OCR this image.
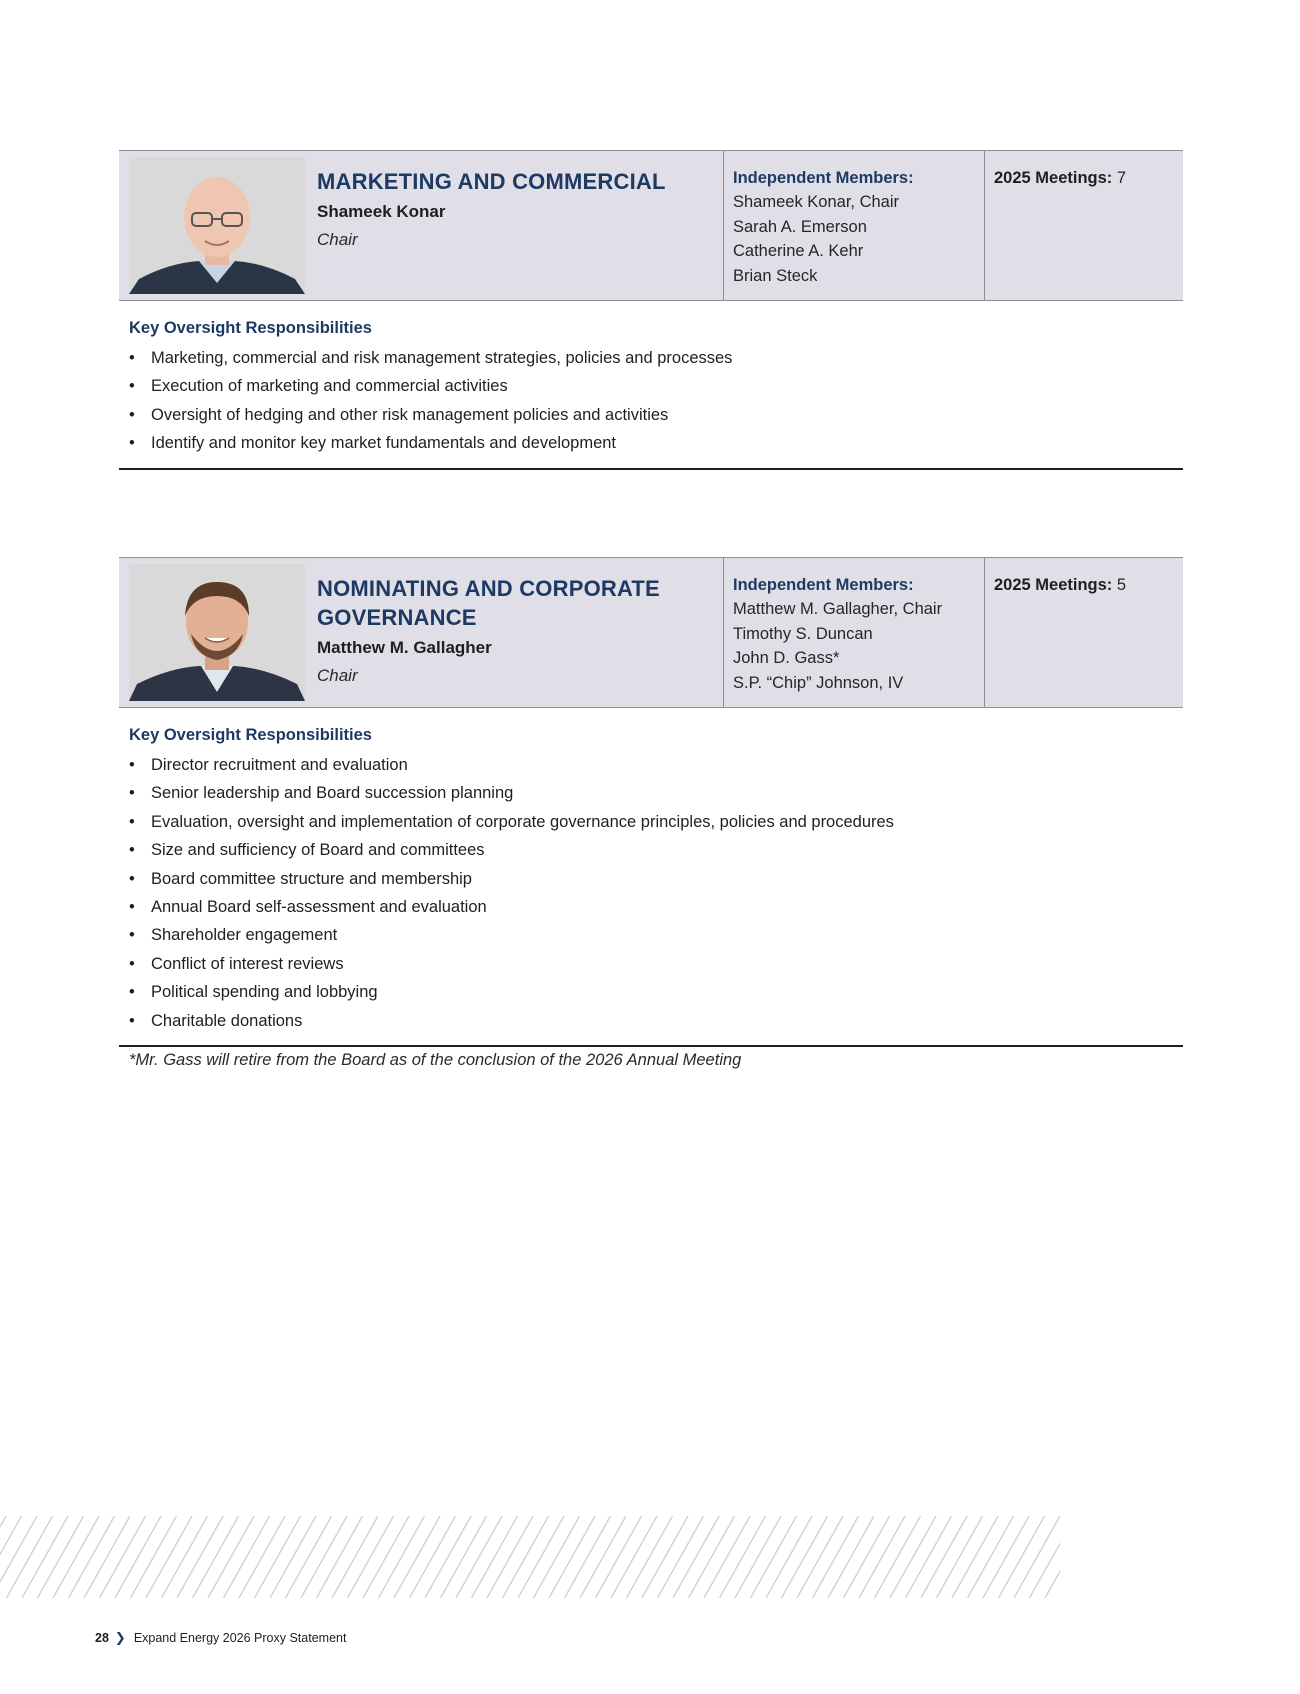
MARKETING AND COMMERCIAL
Shameek Konar
Chair
Independent Members:
Shameek Konar, Chair
Sarah A. Emerson
Catherine A. Kehr
Brian Steck
2025 Meetings: 7
Key Oversight Responsibilities
• Marketing, commercial and risk management strategies, policies and processes
• Execution of marketing and commercial activities
• Oversight of hedging and other risk management policies and activities
• Identify and monitor key market fundamentals and development
NOMINATING AND CORPORATE
GOVERNANCE
Matthew M. Gallagher
Chair
Independent Members:
Matthew M. Gallagher, Chair
Timothy S. Duncan
John D. Gass*
S.P. “Chip” Johnson, IV
2025 Meetings: 5
Key Oversight Responsibilities
• Director recruitment and evaluation
• Senior leadership and Board succession planning
• Evaluation, oversight and implementation of corporate governance principles, policies and procedures
• Size and sufficiency of Board and committees
• Board committee structure and membership
• Annual Board self-assessment and evaluation
• Shareholder engagement
• Conflict of interest reviews
• Political spending and lobbying
• Charitable donations
*Mr. Gass will retire from the Board as of the conclusion of the 2026 Annual Meeting
28 ❯ Expand Energy 2026 Proxy Statement
